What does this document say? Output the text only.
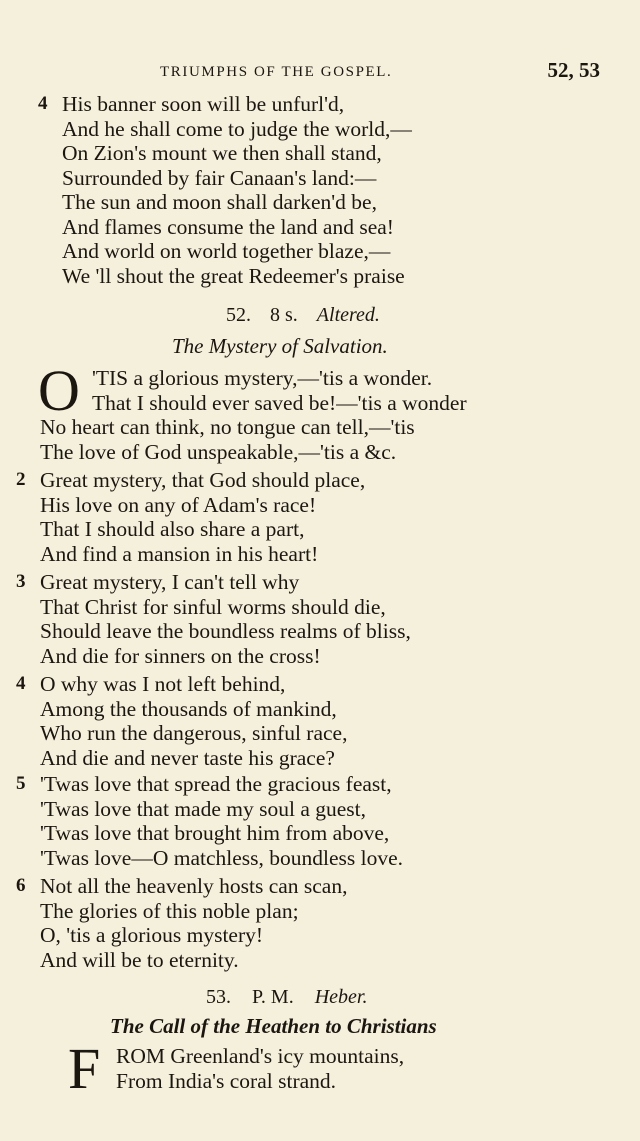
TRIUMPHS OF THE GOSPEL.	52, 53
4 His banner soon will be unfurl'd,
And he shall come to judge the world,—
On Zion's mount we then shall stand,
Surrounded by fair Canaan's land:—
The sun and moon shall darken'd be,
And flames consume the land and sea!
And world on world together blaze,—
We 'll shout the great Redeemer's praise
52. 8 s. Altered.
The Mystery of Salvation.
O 'TIS a glorious mystery,—'tis a wonder.
That I should ever saved be!—'tis a wonder
No heart can think, no tongue can tell,—'tis
The love of God unspeakable,—'tis a &c.
2 Great mystery, that God should place,
His love on any of Adam's race!
That I should also share a part,
And find a mansion in his heart!
3 Great mystery, I can't tell why
That Christ for sinful worms should die,
Should leave the boundless realms of bliss,
And die for sinners on the cross!
4 O why was I not left behind,
Among the thousands of mankind,
Who run the dangerous, sinful race,
And die and never taste his grace?
5 'Twas love that spread the gracious feast,
'Twas love that made my soul a guest,
'Twas love that brought him from above,
'Twas love—O matchless, boundless love.
6 Not all the heavenly hosts can scan,
The glories of this noble plan;
O, 'tis a glorious mystery!
And will be to eternity.
53. P. M. Heber.
The Call of the Heathen to Christians
F ROM Greenland's icy mountains,
From India's coral strand.
